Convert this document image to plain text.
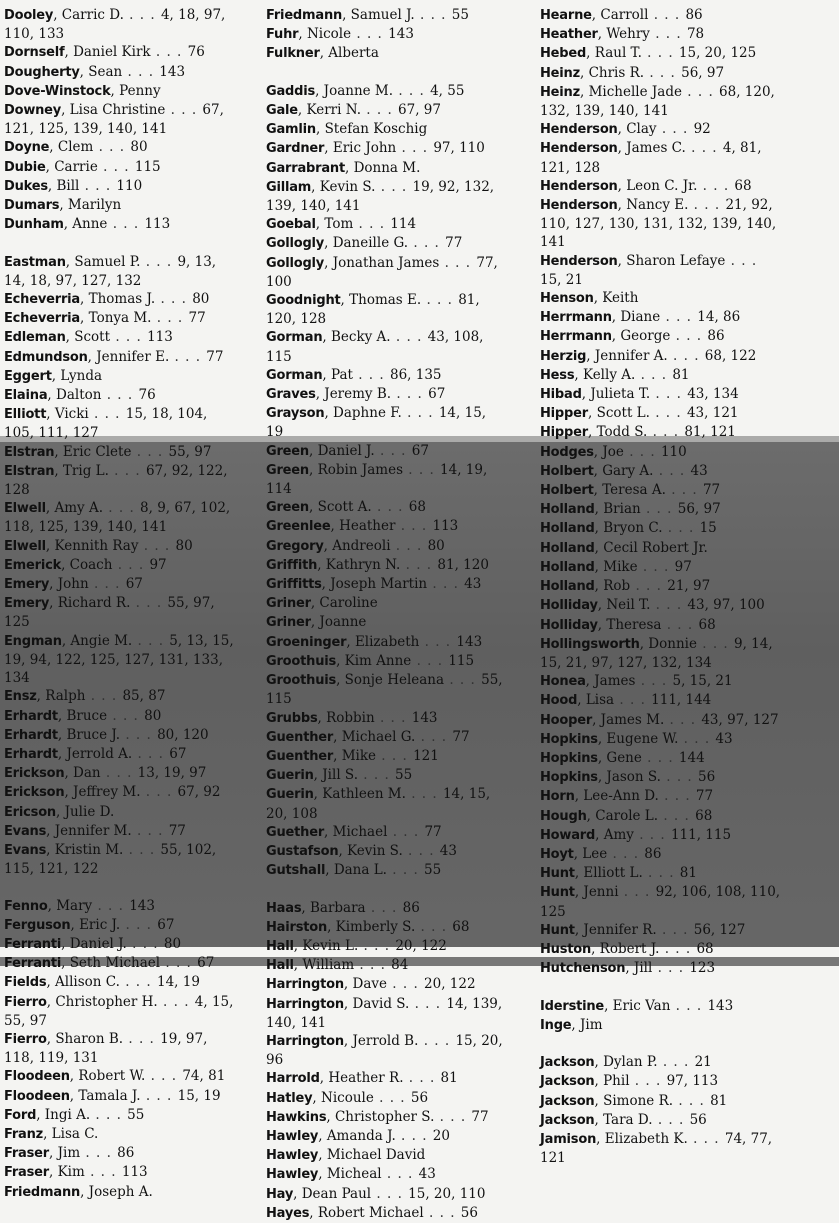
Dooley, Carric D. . . . 4, 18, 97, 110, 133
Dornself, Daniel Kirk . . . 76
Dougherty, Sean . . . 143
Dove-Winstock, Penny
Downey, Lisa Christine . . . 67, 121, 125, 139, 140, 141
Doyne, Clem . . . 80
Dubie, Carrie . . . 115
Dukes, Bill . . . 110
Dumars, Marilyn
Dunham, Anne . . . 113
Eastman, Samuel P. . . . 9, 13, 14, 18, 97, 127, 132
Echeverria, Thomas J. . . . 80
Echeverria, Tonya M. . . . 77
Edleman, Scott . . . 113
Edmundson, Jennifer E. . . . 77
Eggert, Lynda
Elaina, Dalton . . . 76
Elliott, Vicki . . . 15, 18, 104, 105, 111, 127
Elstran, Eric Clete . . . 55, 97
Elstran, Trig L. . . . 67, 92, 122, 128
Elwell, Amy A. . . . 8, 9, 67, 102, 118, 125, 139, 140, 141
Elwell, Kennith Ray . . . 80
Emerick, Coach . . . 97
Emery, John . . . 67
Emery, Richard R. . . . 55, 97, 125
Engman, Angie M. . . . 5, 13, 15, 19, 94, 122, 125, 127, 131, 133, 134
Ensz, Ralph . . . 85, 87
Erhardt, Bruce . . . 80
Erhardt, Bruce J. . . . 80, 120
Erhardt, Jerrold A. . . . 67
Erickson, Dan . . . 13, 19, 97
Erickson, Jeffrey M. . . . 67, 92
Ericson, Julie D.
Evans, Jennifer M. . . . 77
Evans, Kristin M. . . . 55, 102, 115, 121, 122
Fenno, Mary . . . 143
Ferguson, Eric J. . . . 67
Ferranti, Daniel J. . . . 80
Ferranti, Seth Michael . . . 67
Fields, Allison C. . . . 14, 19
Fierro, Christopher H. . . . 4, 15, 55, 97
Fierro, Sharon B. . . . 19, 97, 118, 119, 131
Floodeen, Robert W. . . . 74, 81
Floodeen, Tamala J. . . . 15, 19
Ford, Ingi A. . . . 55
Franz, Lisa C.
Fraser, Jim . . . 86
Fraser, Kim . . . 113
Friedmann, Joseph A.
Friedmann, Samuel J. . . . 55
Fuhr, Nicole . . . 143
Fulkner, Alberta
Gaddis, Joanne M. . . . 4, 55
Gale, Kerri N. . . . 67, 97
Gamlin, Stefan Koschig
Gardner, Eric John . . . 97, 110
Garrabrant, Donna M.
Gillam, Kevin S. . . . 19, 92, 132, 139, 140, 141
Goebal, Tom . . . 114
Gollogly, Daneille G. . . . 77
Gollogly, Jonathan James . . . 77, 100
Goodnight, Thomas E. . . . 81, 120, 128
Gorman, Becky A. . . . 43, 108, 115
Gorman, Pat . . . 86, 135
Graves, Jeremy B. . . . 67
Grayson, Daphne F. . . . 14, 15, 19
Green, Daniel J. . . . 67
Green, Robin James . . . 14, 19, 114
Green, Scott A. . . . 68
Greenlee, Heather . . . 113
Gregory, Andreoli . . . 80
Griffith, Kathryn N. . . . 81, 120
Griffitts, Joseph Martin . . . 43
Griner, Caroline
Griner, Joanne
Groeninger, Elizabeth . . . 143
Groothuis, Kim Anne . . . 115
Groothuis, Sonje Heleana . . . 55, 115
Grubbs, Robbin . . . 143
Guenther, Michael G. . . . 77
Guenther, Mike . . . 121
Guerin, Jill S. . . . 55
Guerin, Kathleen M. . . . 14, 15, 20, 108
Guether, Michael . . . 77
Gustafson, Kevin S. . . . 43
Gutshall, Dana L. . . . 55
Haas, Barbara . . . 86
Hairston, Kimberly S. . . . 68
Hall, Kevin L. . . . 20, 122
Hall, William . . . 84
Harrington, Dave . . . 20, 122
Harrington, David S. . . . 14, 139, 140, 141
Harrington, Jerrold B. . . . 15, 20, 96
Harrold, Heather R. . . . 81
Hatley, Nicoule . . . 56
Hawkins, Christopher S. . . . 77
Hawley, Amanda J. . . . 20
Hawley, Michael David
Hawley, Micheal . . . 43
Hay, Dean Paul . . . 15, 20, 110
Hayes, Robert Michael . . . 56
Hearne, Carroll . . . 86
Heather, Wehry . . . 78
Hebed, Raul T. . . . 15, 20, 125
Heinz, Chris R. . . . 56, 97
Heinz, Michelle Jade . . . 68, 120, 132, 139, 140, 141
Henderson, Clay . . . 92
Henderson, James C. . . . 4, 81, 121, 128
Henderson, Leon C. Jr. . . . 68
Henderson, Nancy E. . . . 21, 92, 110, 127, 130, 131, 132, 139, 140, 141
Henderson, Sharon Lefaye . . . 15, 21
Henson, Keith
Herrmann, Diane . . . 14, 86
Herrmann, George . . . 86
Herzig, Jennifer A. . . . 68, 122
Hess, Kelly A. . . . 81
Hibad, Julieta T. . . . 43, 134
Hipper, Scott L. . . . 43, 121
Hipper, Todd S. . . . 81, 121
Hodges, Joe . . . 110
Holbert, Gary A. . . . 43
Holbert, Teresa A. . . . 77
Holland, Brian . . . 56, 97
Holland, Bryon C. . . . 15
Holland, Cecil Robert Jr.
Holland, Mike . . . 97
Holland, Rob . . . 21, 97
Holliday, Neil T. . . . 43, 97, 100
Holliday, Theresa . . . 68
Hollingsworth, Donnie . . . 9, 14, 15, 21, 97, 127, 132, 134
Honea, James . . . 5, 15, 21
Hood, Lisa . . . 111, 144
Hooper, James M. . . . 43, 97, 127
Hopkins, Eugene W. . . . 43
Hopkins, Gene . . . 144
Hopkins, Jason S. . . . 56
Horn, Lee-Ann D. . . . 77
Hough, Carole L. . . . 68
Howard, Amy . . . 111, 115
Hoyt, Lee . . . 86
Hunt, Elliott L. . . . 81
Hunt, Jenni . . . 92, 106, 108, 110, 125
Hunt, Jennifer R. . . . 56, 127
Huston, Robert J. . . . 68
Hutchenson, Jill . . . 123
Iderstine, Eric Van . . . 143
Inge, Jim
Jackson, Dylan P. . . . 21
Jackson, Phil . . . 97, 113
Jackson, Simone R. . . . 81
Jackson, Tara D. . . . 56
Jamison, Elizabeth K. . . . 74, 77, 121
